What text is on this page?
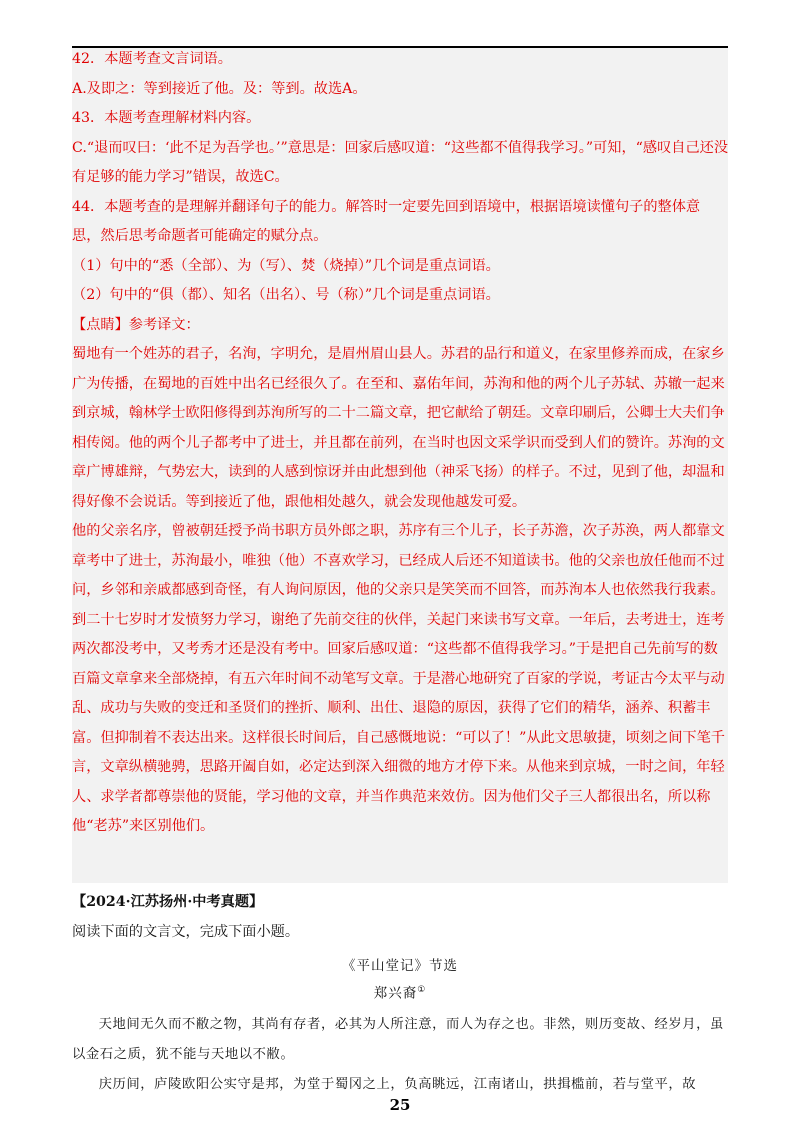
42．本题考查文言词语。

A.及即之：等到接近了他。及：等到。故选A。

43．本题考查理解材料内容。

C.“退而叹曰：‘此不足为吾学也。’”意思是：回家后感叹道：“这些都不值得我学习。”可知，“感叹自己还没有足够的能力学习”错误，故选C。

44．本题考查的是理解并翻译句子的能力。解答时一定要先回到语境中，根据语境读懂句子的整体意思，然后思考命题者可能确定的赋分点。

（1）句中的“悉（全部）、为（写）、焚（烧掉）”几个词是重点词语。

（2）句中的“俱（都）、知名（出名）、号（称）”几个词是重点词语。

【点睛】参考译文：

蜀地有一个姓苏的君子，名洵，字明允，是眉州眉山县人。苏君的品行和道义，在家里修养而成，在家乡广为传播，在蜀地的百姓中出名已经很久了。在至和、嘉佑年间，苏洵和他的两个儿子苏轼、苏辙一起来到京城，翰林学士欧阳修得到苏洵所写的二十二篇文章，把它献给了朝廷。文章印刷后，公卿士大夫们争相传阅。他的两个儿子都考中了进士，并且都在前列，在当时也因文采学识而受到人们的赞许。苏洵的文章广博雄辩，气势宏大，读到的人感到惊讶并由此想到他（神采飞扬）的样子。不过，见到了他，却温和得好像不会说话。等到接近了他，跟他相处越久，就会发现他越发可爱。

他的父亲名序，曾被朝廷授予尚书职方员外郎之职，苏序有三个儿子，长子苏澹，次子苏涣，两人都靠文章考中了进士，苏洵最小，唯独（他）不喜欢学习，已经成人后还不知道读书。他的父亲也放任他而不过问，乡邻和亲戚都感到奇怪，有人询问原因，他的父亲只是笑笑而不回答，而苏洵本人也依然我行我素。

到二十七岁时才发愤努力学习，谢绝了先前交往的伙伴，关起门来读书写文章。一年后，去考进士，连考两次都没考中，又考秀才还是没有考中。回家后感叹道：“这些都不值得我学习。”于是把自己先前写的数百篇文章拿来全部烧掉，有五六年时间不动笔写文章。于是潜心地研究了百家的学说，考证古今太平与动乱、成功与失败的变迁和圣贤们的挫折、顺利、出仕、退隐的原因，获得了它们的精华，涵养、积蓄丰富。但抑制着不表达出来。这样很长时间后，自己感慨地说：“可以了！”从此文思敏捷，顷刻之间下笔千言，文章纵横驰骋，思路开阖自如，必定达到深入细微的地方才停下来。从他来到京城，一时之间，年轻人、求学者都尊崇他的贤能，学习他的文章，并当作典范来效仿。因为他们父子三人都很出名，所以称他“老苏”来区别他们。

【2024·江苏扬州·中考真题】

阅读下面的文言文，完成下面小题。

《平山堂记》节选

郑兴裔①

天地间无久而不敝之物，其尚有存者，必其为人所注意，而人为存之也。非然，则历变故、经岁月，虽以金石之质，犹不能与天地以不敝。

庆历间，庐陵欧阳公实守是邦，为堂于蜀冈之上，负高眺远，江南诸山，拱揖槛前，若与堂平，故

25
